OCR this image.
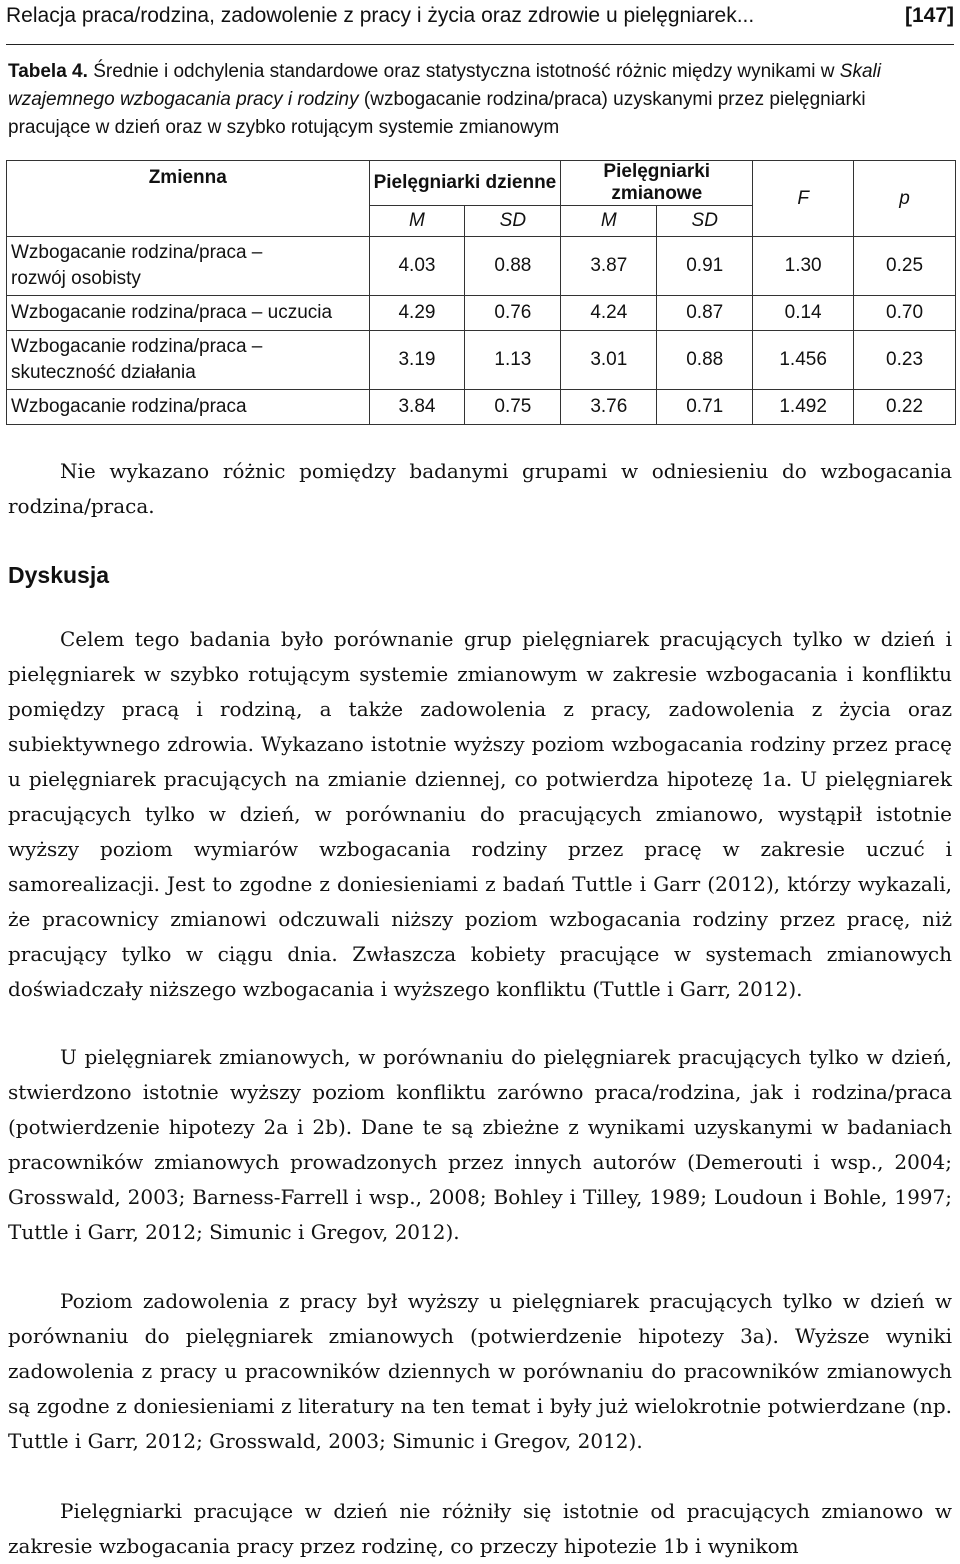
Relacja praca/rodzina, zadowolenie z pracy i życia oraz zdrowie u pielęgniarek...	[147]
Tabela 4. Średnie i odchylenia standardowe oraz statystyczna istotność różnic między wynikami w Skali wzajemnego wzbogacania pracy i rodziny (wzbogacanie rodzina/praca) uzyskanymi przez pielęgniarki pracujące w dzień oraz w szybko rotującym systemie zmianowym
Zmienna	Pielęgniarki dzienne		Pielęgniarki zmianowe		F	p
	M	SD	M	SD		
Wzbogacanie rodzina/praca –
rozwój osobisty	4.03	0.88	3.87	0.91	1.30	0.25
Wzbogacanie rodzina/praca – uczucia	4.29	0.76	4.24	0.87	0.14	0.70
Wzbogacanie rodzina/praca –
skuteczność działania	3.19	1.13	3.01	0.88	1.456	0.23
Wzbogacanie rodzina/praca	3.84	0.75	3.76	0.71	1.492	0.22

Nie wykazano różnic pomiędzy badanymi grupami w odniesieniu do wzbogacania rodzina/praca.

Dyskusja

Celem tego badania było porównanie grup pielęgniarek pracujących tylko w dzień i pielęgniarek w szybko rotującym systemie zmianowym w zakresie wzbogacania i konfliktu pomiędzy pracą i rodziną, a także zadowolenia z pracy, zadowolenia z życia oraz subiektywnego zdrowia. Wykazano istotnie wyższy poziom wzbogacania rodziny przez pracę u pielęgniarek pracujących na zmianie dziennej, co potwierdza hipotezę 1a. U pielęgniarek pracujących tylko w dzień, w porównaniu do pracujących zmianowo, wystąpił istotnie wyższy poziom wymiarów wzbogacania rodziny przez pracę w zakresie uczuć i samorealizacji. Jest to zgodne z doniesieniami z badań Tuttle i Garr (2012), którzy wykazali, że pracownicy zmianowi odczuwali niższy poziom wzbogacania rodziny przez pracę, niż pracujący tylko w ciągu dnia. Zwłaszcza kobiety pracujące w systemach zmianowych doświadczały niższego wzbogacania i wyższego konfliktu (Tuttle i Garr, 2012).

U pielęgniarek zmianowych, w porównaniu do pielęgniarek pracujących tylko w dzień, stwierdzono istotnie wyższy poziom konfliktu zarówno praca/rodzina, jak i rodzina/praca (potwierdzenie hipotezy 2a i 2b). Dane te są zbieżne z wynikami uzyskanymi w badaniach pracowników zmianowych prowadzonych przez innych autorów (Demerouti i wsp., 2004; Grosswald, 2003; Barness-Farrell i wsp., 2008; Bohley i Tilley, 1989; Loudoun i Bohle, 1997; Tuttle i Garr, 2012; Simunic i Gregov, 2012).

Poziom zadowolenia z pracy był wyższy u pielęgniarek pracujących tylko w dzień w porównaniu do pielęgniarek zmianowych (potwierdzenie hipotezy 3a). Wyższe wyniki zadowolenia z pracy u pracowników dziennych w porównaniu do pracowników zmianowych są zgodne z doniesieniami z literatury na ten temat i były już wielokrotnie potwierdzane (np. Tuttle i Garr, 2012; Grosswald, 2003; Simunic i Gregov, 2012).

Pielęgniarki pracujące w dzień nie różniły się istotnie od pracujących zmianowo w zakresie wzbogacania pracy przez rodzinę, co przeczy hipotezie 1b i wynikom
